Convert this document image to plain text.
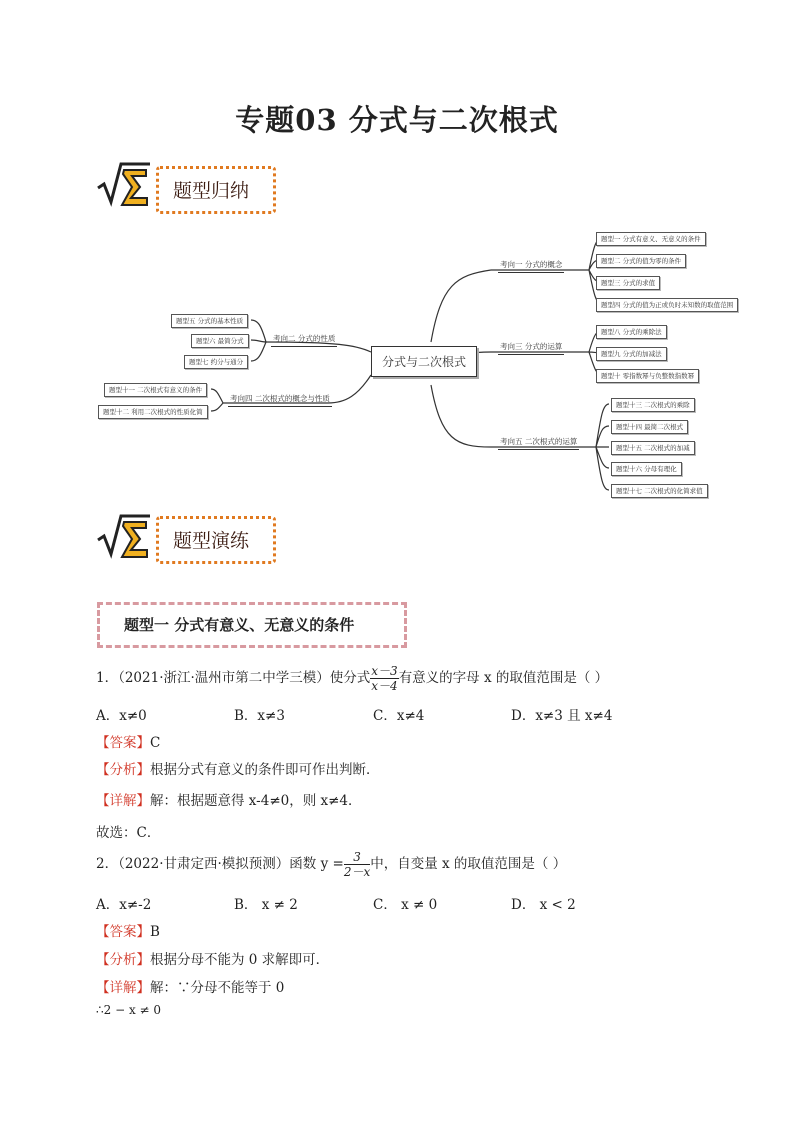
专题03 分式与二次根式
题型归纳
分式与二次根式
考向一 分式的概念
题型一 分式有意义、无意义的条件
题型二 分式的值为零的条件
题型三 分式的求值
题型四 分式的值为正或负时未知数的取值范围
考向二 分式的性质
题型五 分式的基本性质
题型六 最简分式
题型七 约分与通分
考向三 分式的运算
题型八 分式的乘除法
题型九 分式的加减法
题型十 零指数幂与负整数指数幂
考向四 二次根式的概念与性质
题型十一 二次根式有意义的条件
题型十二 利用二次根式的性质化简
考向五 二次根式的运算
题型十三 二次根式的乘除
题型十四 最简二次根式
题型十五 二次根式的加减
题型十六 分母有理化
题型十七 二次根式的化简求值
题型演练
题型一 分式有意义、无意义的条件
1．（2021·浙江·温州市第二中学三模）使分式 $\frac{x-3}{x-4}$有意义的字母 x 的取值范围是（ ）
A．x≠0	B．x≠3	C．x≠4	D．x≠3 且 x≠4
【答案】C
【分析】根据分式有意义的条件即可作出判断．
【详解】解：根据题意得 x-4≠0，则 x≠4．
故选：C．
2．（2022·甘肃定西·模拟预测）函数 $y = \frac{3}{2-x}$中，自变量 x 的取值范围是（ ）
A．x≠-2	B． x ≠ 2	C． x ≠ 0	D． x < 2
【答案】B
【分析】根据分母不能为 0 求解即可．
【详解】解：∵分母不能等于 0
∴2 − x ≠ 0
